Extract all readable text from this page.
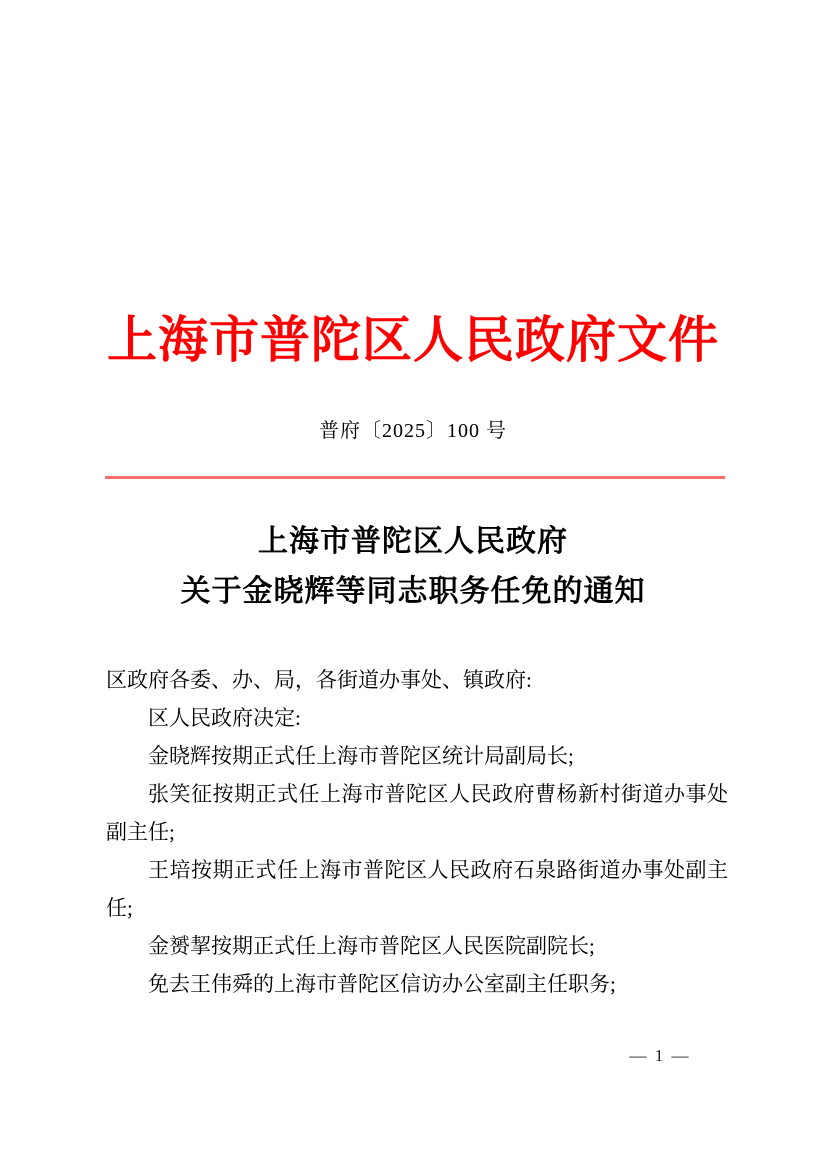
上海市普陀区人民政府文件
普府〔2025〕100 号
上海市普陀区人民政府
关于金晓辉等同志职务任免的通知

区政府各委、办、局，各街道办事处、镇政府:

区人民政府决定:

金晓辉按期正式任上海市普陀区统计局副局长;

张笑征按期正式任上海市普陀区人民政府曹杨新村街道办事处副主任;

王培按期正式任上海市普陀区人民政府石泉路街道办事处副主任;

金赟挈按期正式任上海市普陀区人民医院副院长;

免去王伟舜的上海市普陀区信访办公室副主任职务;

— 1 —
